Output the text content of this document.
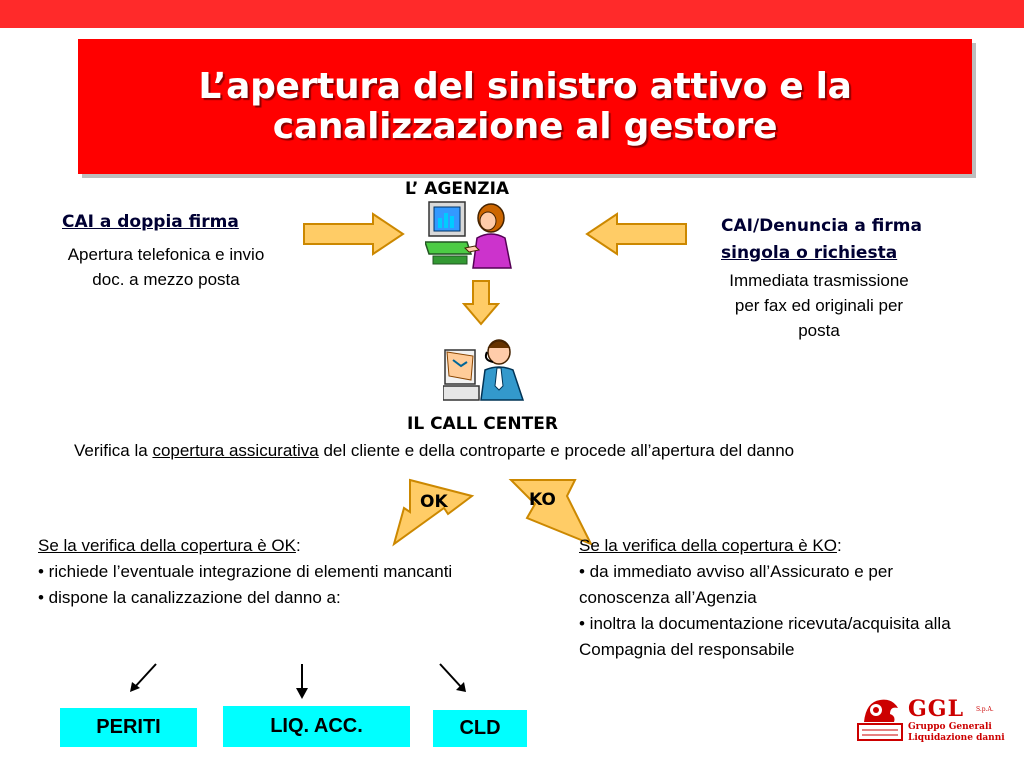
L’apertura del sinistro attivo e la canalizzazione al gestore
L’ AGENZIA
CAI a doppia firma
Apertura telefonica e invio doc. a mezzo posta
CAI/Denuncia a firma
singola o richiesta
Immediata trasmissione per fax ed originali per posta
IL CALL CENTER
Verifica la copertura assicurativa del cliente e della controparte e procede all’apertura del danno
OK	KO
Se la verifica della copertura è OK:
• richiede l’eventuale integrazione di elementi mancanti
• dispone la canalizzazione del danno a:
Se la verifica della copertura è KO:
• da immediato avviso all’Assicurato e per conoscenza all’Agenzia
• inoltra la documentazione ricevuta/acquisita alla Compagnia del responsabile
PERITI	LIQ. ACC.	CLD
GGL S.p.A.
Gruppo Generali
Liquidazione danni
